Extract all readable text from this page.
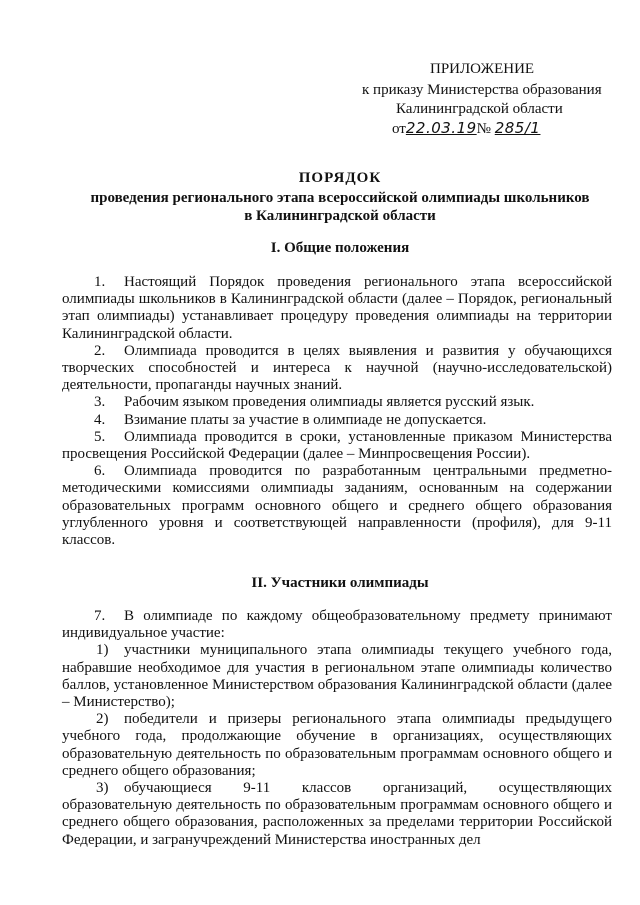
ПРИЛОЖЕНИЕ
к приказу Министерства образования
Калининградской области
от22.03.19№ 285/1
ПОРЯДОК
проведения регионального этапа всероссийской олимпиады школьников
в Калининградской области
I. Общие положения

1. Настоящий Порядок проведения регионального этапа всероссийской олимпиады школьников в Калининградской области (далее – Порядок, региональный этап олимпиады) устанавливает процедуру проведения олимпиады на территории Калининградской области.

2. Олимпиада проводится в целях выявления и развития у обучающихся творческих способностей и интереса к научной (научно-исследовательской) деятельности, пропаганды научных знаний.

3. Рабочим языком проведения олимпиады является русский язык.

4. Взимание платы за участие в олимпиаде не допускается.

5. Олимпиада проводится в сроки, установленные приказом Министерства просвещения Российской Федерации (далее – Минпросвещения России).

6. Олимпиада проводится по разработанным центральными предметно-методическими комиссиями олимпиады заданиям, основанным на содержании образовательных программ основного общего и среднего общего образования углубленного уровня и соответствующей направленности (профиля), для 9-11 классов.

II. Участники олимпиады

7. В олимпиаде по каждому общеобразовательному предмету принимают индивидуальное участие:

1) участники муниципального этапа олимпиады текущего учебного года, набравшие необходимое для участия в региональном этапе олимпиады количество баллов, установленное Министерством образования Калининградской области (далее – Министерство);

2) победители и призеры регионального этапа олимпиады предыдущего учебного года, продолжающие обучение в организациях, осуществляющих образовательную деятельность по образовательным программам основного общего и среднего общего образования;

3) обучающиеся 9-11 классов организаций, осуществляющих образовательную деятельность по образовательным программам основного общего и среднего общего образования, расположенных за пределами территории Российской Федерации, и загранучреждений Министерства иностранных дел
